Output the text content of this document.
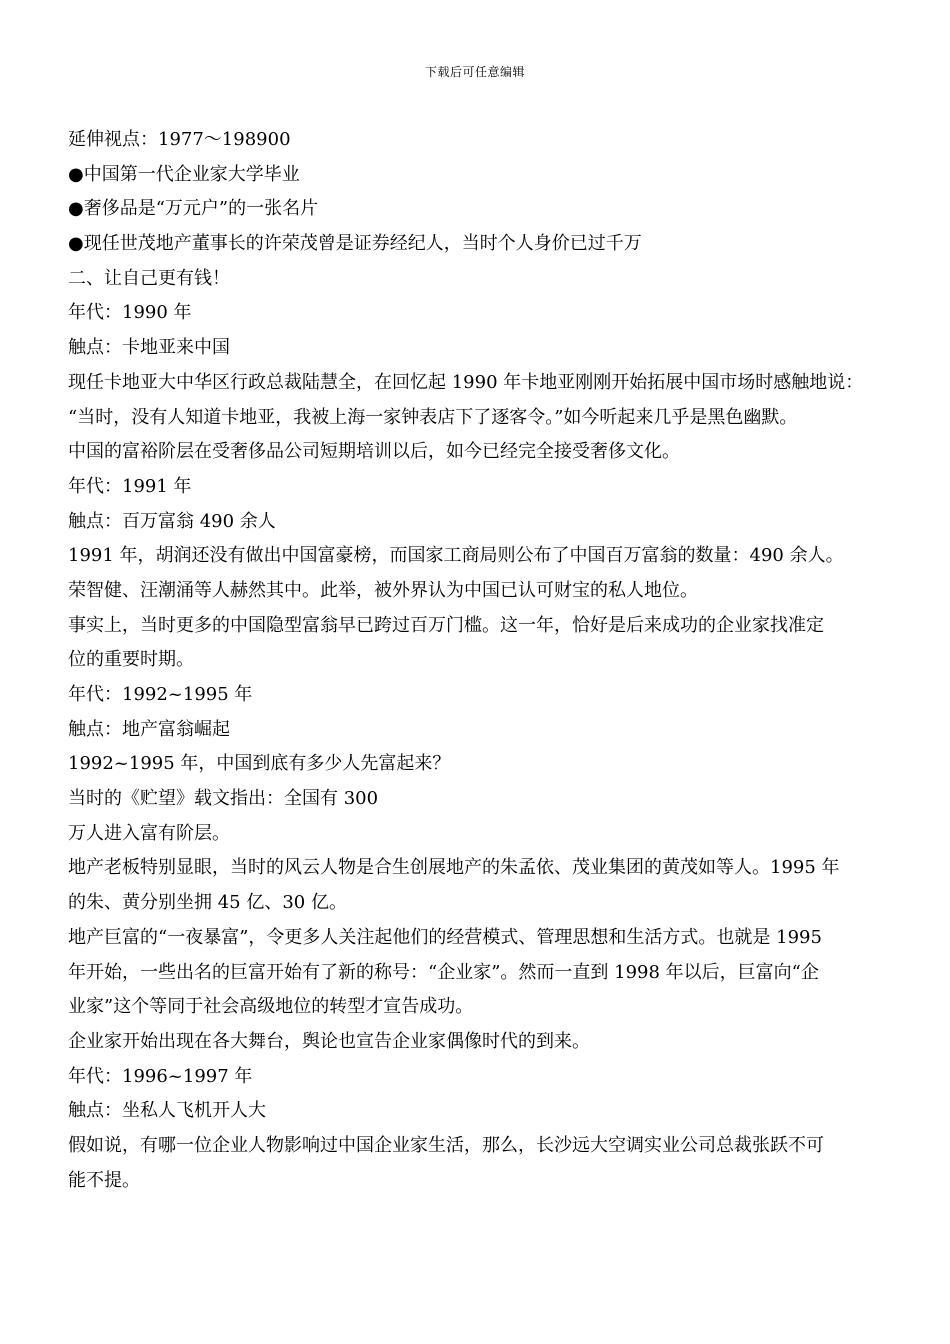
下载后可任意编辑
延伸视点：1977～198900
●中国第一代企业家大学毕业
●奢侈品是“万元户”的一张名片
●现任世茂地产董事长的许荣茂曾是证券经纪人，当时个人身价已过千万
二、让自己更有钱！
年代：1990 年
触点：卡地亚来中国
现任卡地亚大中华区行政总裁陆慧全，在回忆起 1990 年卡地亚刚刚开始拓展中国市场时感触地说：
“当时，没有人知道卡地亚，我被上海一家钟表店下了逐客令。”如今听起来几乎是黑色幽默。
中国的富裕阶层在受奢侈品公司短期培训以后，如今已经完全接受奢侈文化。
年代：1991 年
触点：百万富翁 490 余人
1991 年，胡润还没有做出中国富豪榜，而国家工商局则公布了中国百万富翁的数量：490 余人。
荣智健、汪潮涌等人赫然其中。此举，被外界认为中国已认可财宝的私人地位。
事实上，当时更多的中国隐型富翁早已跨过百万门槛。这一年，恰好是后来成功的企业家找准定
位的重要时期。
年代：1992~1995 年
触点：地产富翁崛起
1992~1995 年，中国到底有多少人先富起来？
当时的《贮望》载文指出：全国有 300
万人进入富有阶层。
地产老板特别显眼，当时的风云人物是合生创展地产的朱孟依、茂业集团的黄茂如等人。1995 年
的朱、黄分别坐拥 45 亿、30 亿。
地产巨富的“一夜暴富”，令更多人关注起他们的经营模式、管理思想和生活方式。也就是 1995
年开始，一些出名的巨富开始有了新的称号：“企业家”。然而一直到 1998 年以后，巨富向“企
业家”这个等同于社会高级地位的转型才宣告成功。
企业家开始出现在各大舞台，舆论也宣告企业家偶像时代的到来。
年代：1996~1997 年
触点：坐私人飞机开人大
假如说，有哪一位企业人物影响过中国企业家生活，那么，长沙远大空调实业公司总裁张跃不可
能不提。
